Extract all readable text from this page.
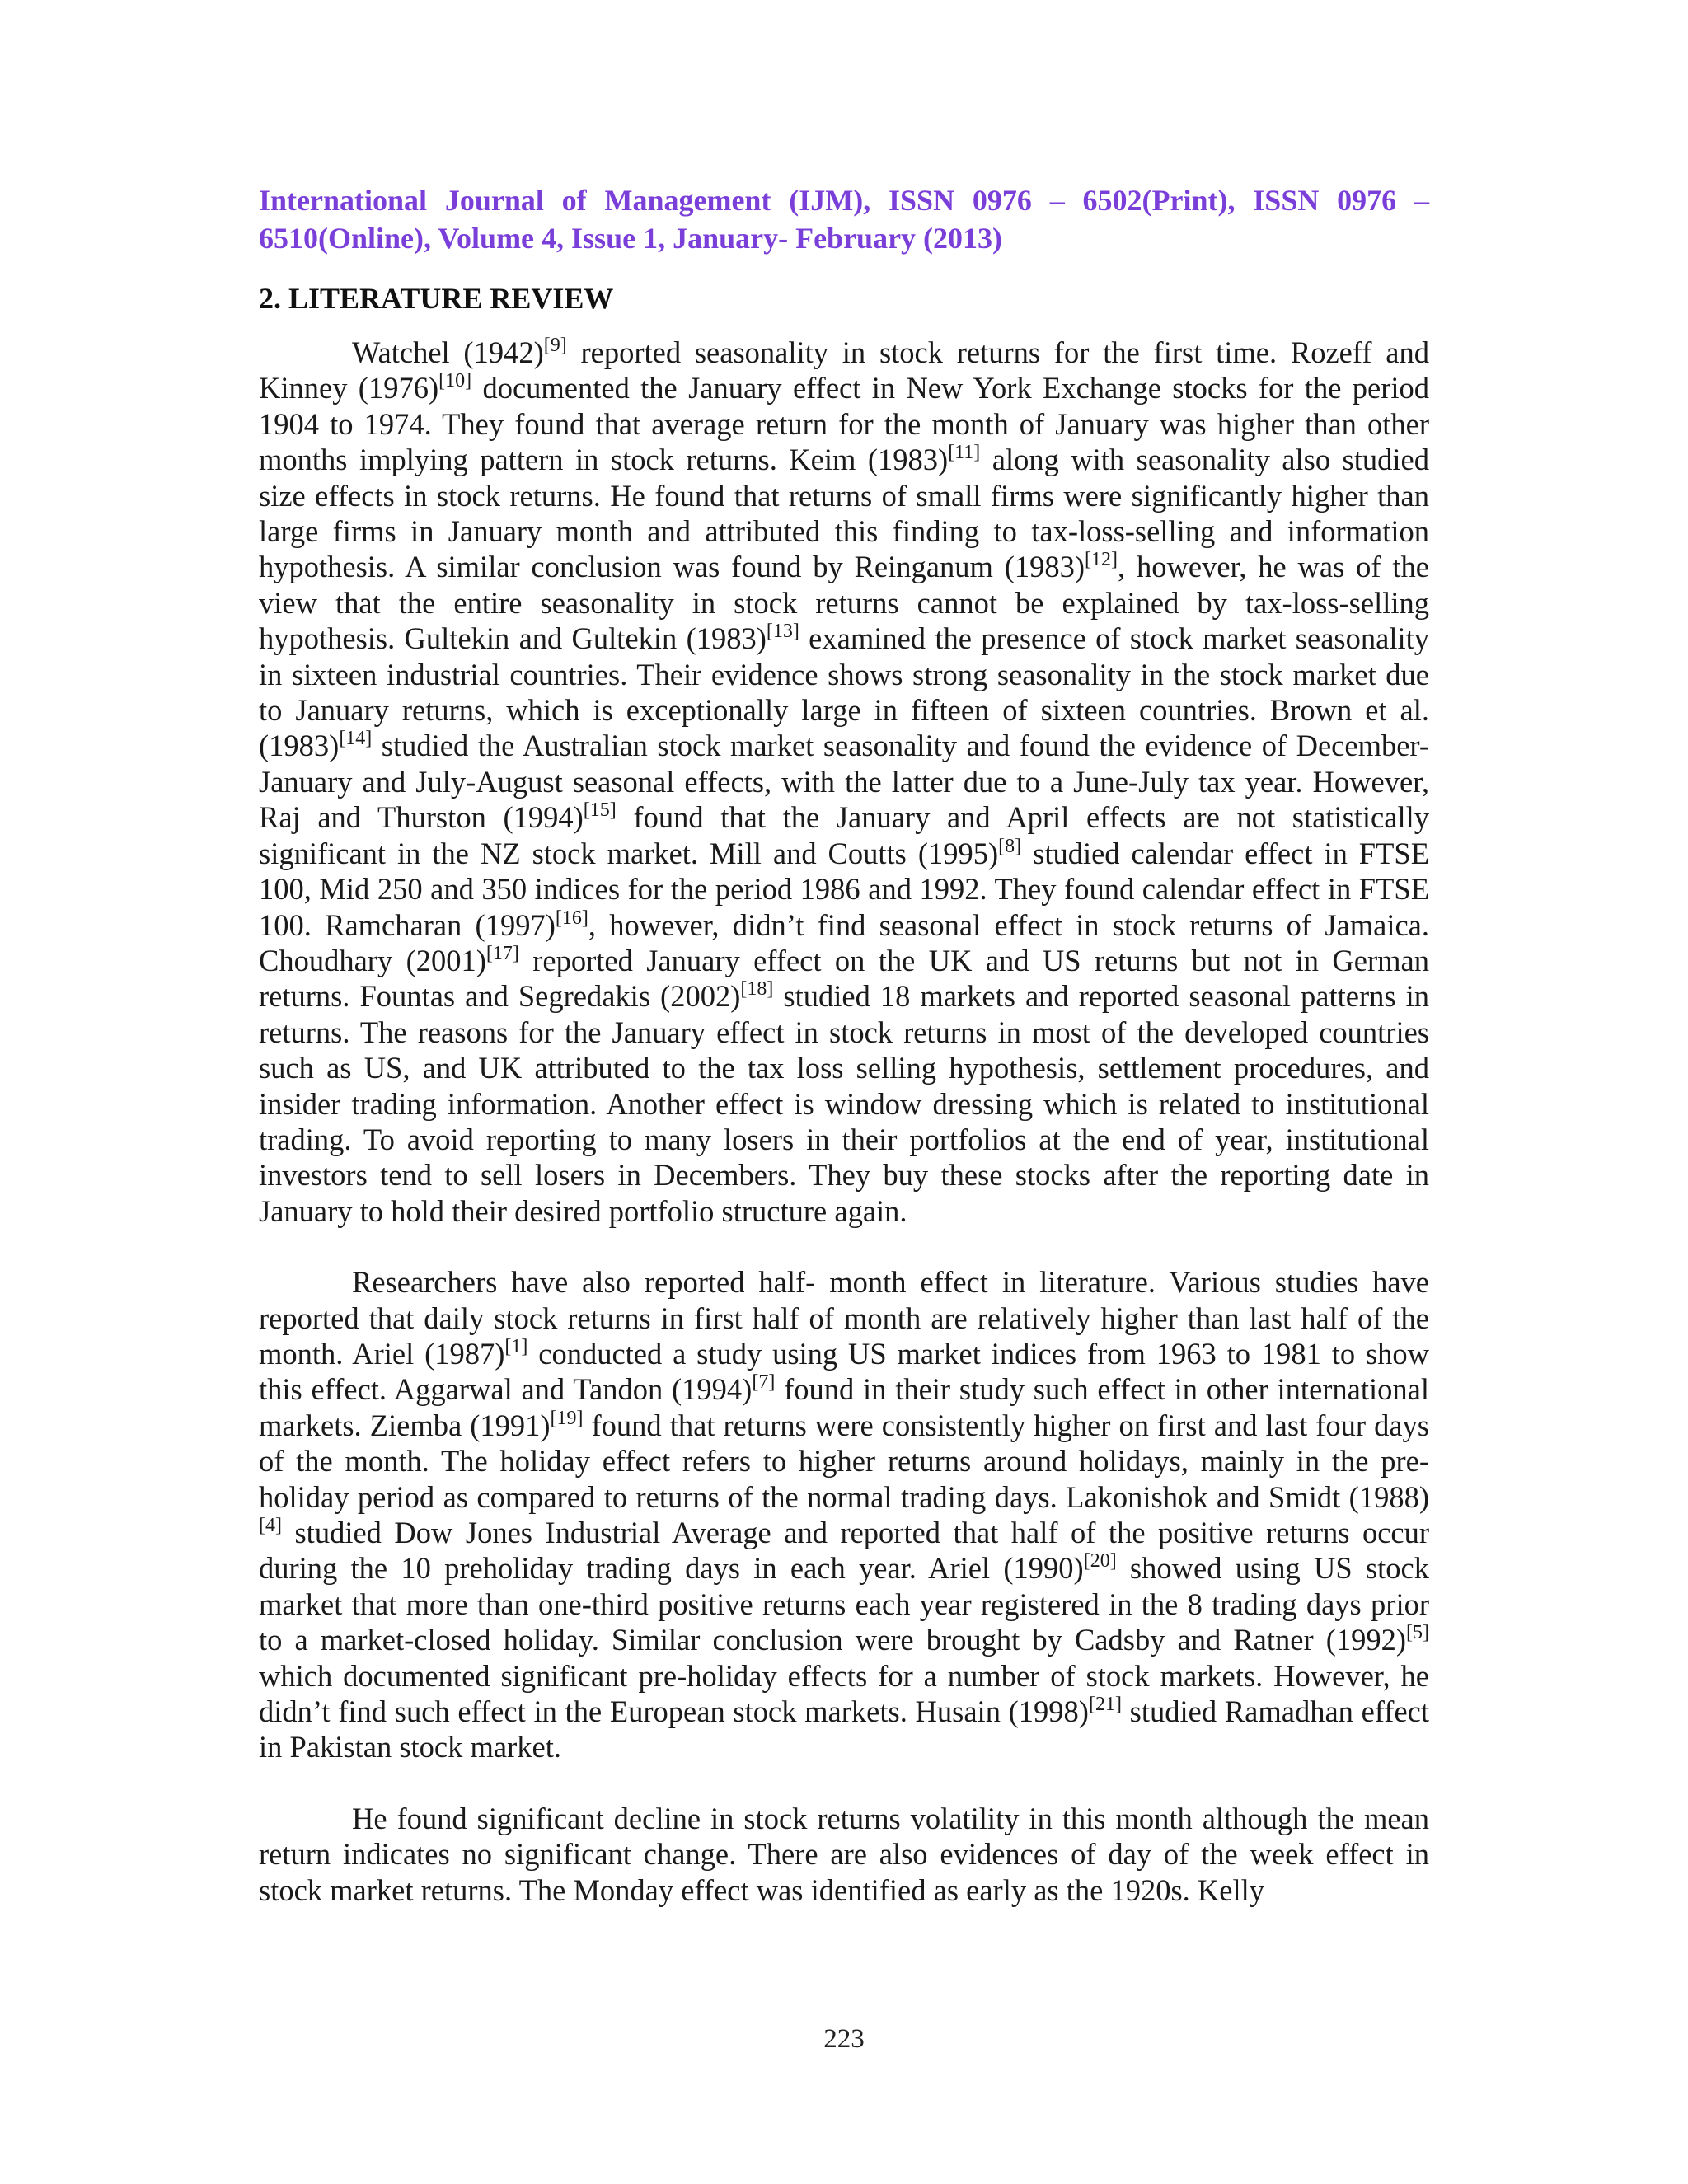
International Journal of Management (IJM), ISSN 0976 – 6502(Print), ISSN 0976 – 6510(Online), Volume 4, Issue 1, January- February (2013)

2. LITERATURE REVIEW

Watchel (1942)[9] reported seasonality in stock returns for the first time. Rozeff and Kinney (1976)[10] documented the January effect in New York Exchange stocks for the period 1904 to 1974. They found that average return for the month of January was higher than other months implying pattern in stock returns. Keim (1983)[11] along with seasonality also studied size effects in stock returns. He found that returns of small firms were significantly higher than large firms in January month and attributed this finding to tax-loss-selling and information hypothesis. A similar conclusion was found by Reinganum (1983)[12], however, he was of the view that the entire seasonality in stock returns cannot be explained by tax-loss-selling hypothesis. Gultekin and Gultekin (1983)[13] examined the presence of stock market seasonality in sixteen industrial countries. Their evidence shows strong seasonality in the stock market due to January returns, which is exceptionally large in fifteen of sixteen countries. Brown et al. (1983)[14] studied the Australian stock market seasonality and found the evidence of December-January and July-August seasonal effects, with the latter due to a June-July tax year. However, Raj and Thurston (1994)[15] found that the January and April effects are not statistically significant in the NZ stock market. Mill and Coutts (1995)[8] studied calendar effect in FTSE 100, Mid 250 and 350 indices for the period 1986 and 1992. They found calendar effect in FTSE 100. Ramcharan (1997)[16], however, didn’t find seasonal effect in stock returns of Jamaica. Choudhary (2001)[17] reported January effect on the UK and US returns but not in German returns. Fountas and Segredakis (2002)[18] studied 18 markets and reported seasonal patterns in returns. The reasons for the January effect in stock returns in most of the developed countries such as US, and UK attributed to the tax loss selling hypothesis, settlement procedures, and insider trading information. Another effect is window dressing which is related to institutional trading. To avoid reporting to many losers in their portfolios at the end of year, institutional investors tend to sell losers in Decembers. They buy these stocks after the reporting date in January to hold their desired portfolio structure again.

Researchers have also reported half- month effect in literature. Various studies have reported that daily stock returns in first half of month are relatively higher than last half of the month. Ariel (1987)[1] conducted a study using US market indices from 1963 to 1981 to show this effect. Aggarwal and Tandon (1994)[7] found in their study such effect in other international markets. Ziemba (1991)[19] found that returns were consistently higher on first and last four days of the month. The holiday effect refers to higher returns around holidays, mainly in the pre-holiday period as compared to returns of the normal trading days. Lakonishok and Smidt (1988)[4] studied Dow Jones Industrial Average and reported that half of the positive returns occur during the 10 preholiday trading days in each year. Ariel (1990)[20] showed using US stock market that more than one-third positive returns each year registered in the 8 trading days prior to a market-closed holiday. Similar conclusion were brought by Cadsby and Ratner (1992)[5] which documented significant pre-holiday effects for a number of stock markets. However, he didn’t find such effect in the European stock markets. Husain (1998)[21] studied Ramadhan effect in Pakistan stock market.

He found significant decline in stock returns volatility in this month although the mean return indicates no significant change. There are also evidences of day of the week effect in stock market returns. The Monday effect was identified as early as the 1920s. Kelly

223
